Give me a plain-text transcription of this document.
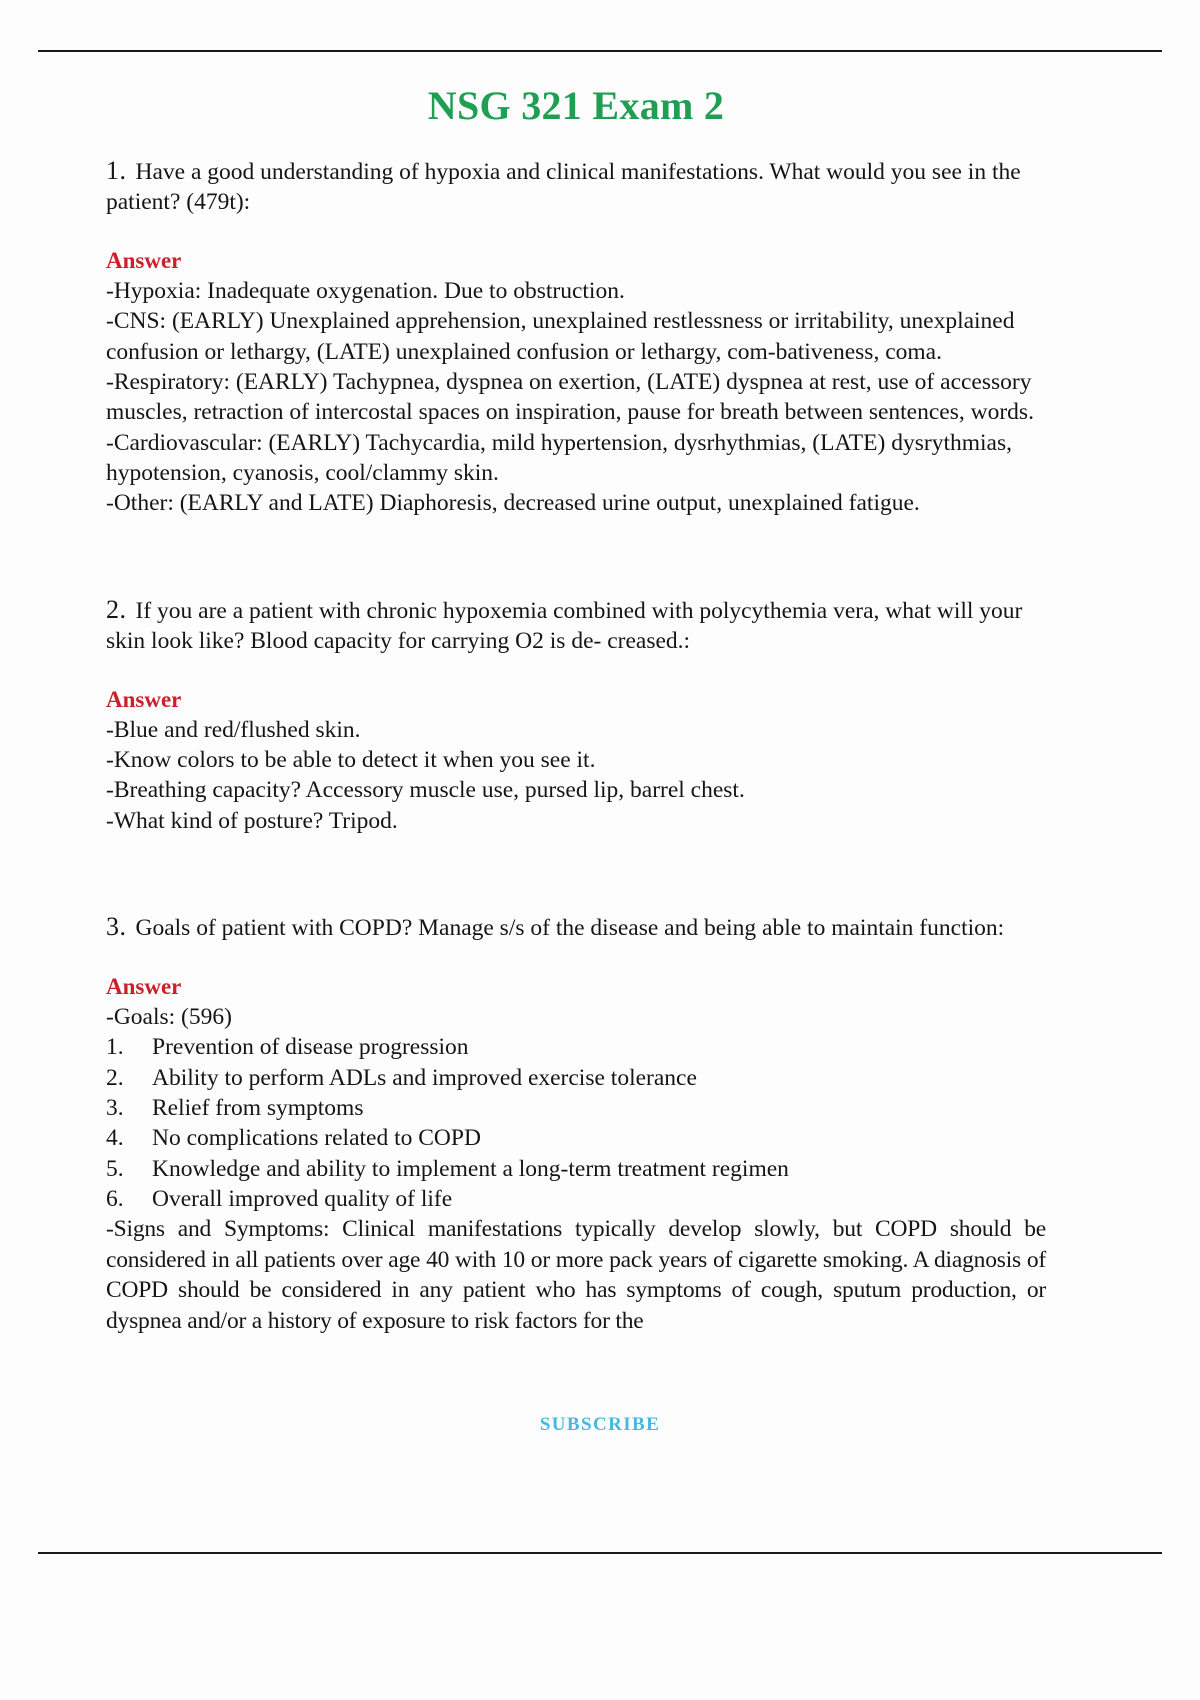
NSG 321 Exam 2

1. Have a good understanding of hypoxia and clinical manifestations. What would you see in the patient? (479t):

Answer

-Hypoxia: Inadequate oxygenation. Due to obstruction.

-CNS: (EARLY) Unexplained apprehension, unexplained restlessness or irritability, unexplained confusion or lethargy, (LATE) unexplained confusion or lethargy, com-bativeness, coma.

-Respiratory: (EARLY) Tachypnea, dyspnea on exertion, (LATE) dyspnea at rest, use of accessory muscles, retraction of intercostal spaces on inspiration, pause for breath between sentences, words.

-Cardiovascular: (EARLY) Tachycardia, mild hypertension, dysrhythmias, (LATE) dysrythmias, hypotension, cyanosis, cool/clammy skin.

-Other: (EARLY and LATE) Diaphoresis, decreased urine output, unexplained fatigue.

2. If you are a patient with chronic hypoxemia combined with polycythemia vera, what will your skin look like? Blood capacity for carrying O2 is de- creased.:

Answer

-Blue and red/flushed skin.

-Know colors to be able to detect it when you see it.

-Breathing capacity? Accessory muscle use, pursed lip, barrel chest.

-What kind of posture? Tripod.

3. Goals of patient with COPD? Manage s/s of the disease and being able to maintain function:

Answer

-Goals: (596)

1.	Prevention of disease progression
2.	Ability to perform ADLs and improved exercise tolerance
3.	Relief from symptoms
4.	No complications related to COPD
5.	Knowledge and ability to implement a long-term treatment regimen
6.	Overall improved quality of life

-Signs and Symptoms: Clinical manifestations typically develop slowly, but COPD should be considered in all patients over age 40 with 10 or more pack years of cigarette smoking. A diagnosis of COPD should be considered in any patient who has symptoms of cough, sputum production, or dyspnea and/or a history of exposure to risk factors for the

SUBSCRIBE
